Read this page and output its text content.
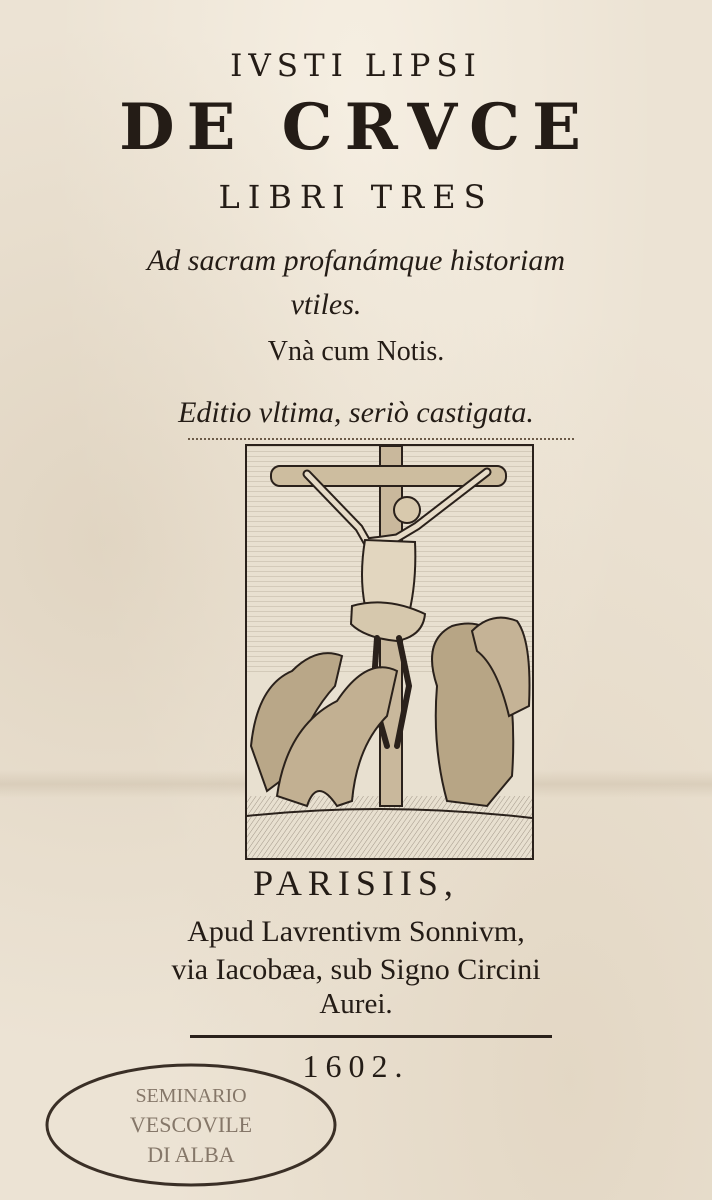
IVSTI LIPSI
DE CRVCE
LIBRI TRES
Ad sacram profanámque historiam
vtiles.
Vnà cum Notis.
Editio vltima, seriò castigata.
PARISIIS,
Apud Lavrentivm Sonnivm,
via Iacobæa, sub Signo Circini
Aurei.
1602.
SEMINARIO
VESCOVILE
DI ALBA
